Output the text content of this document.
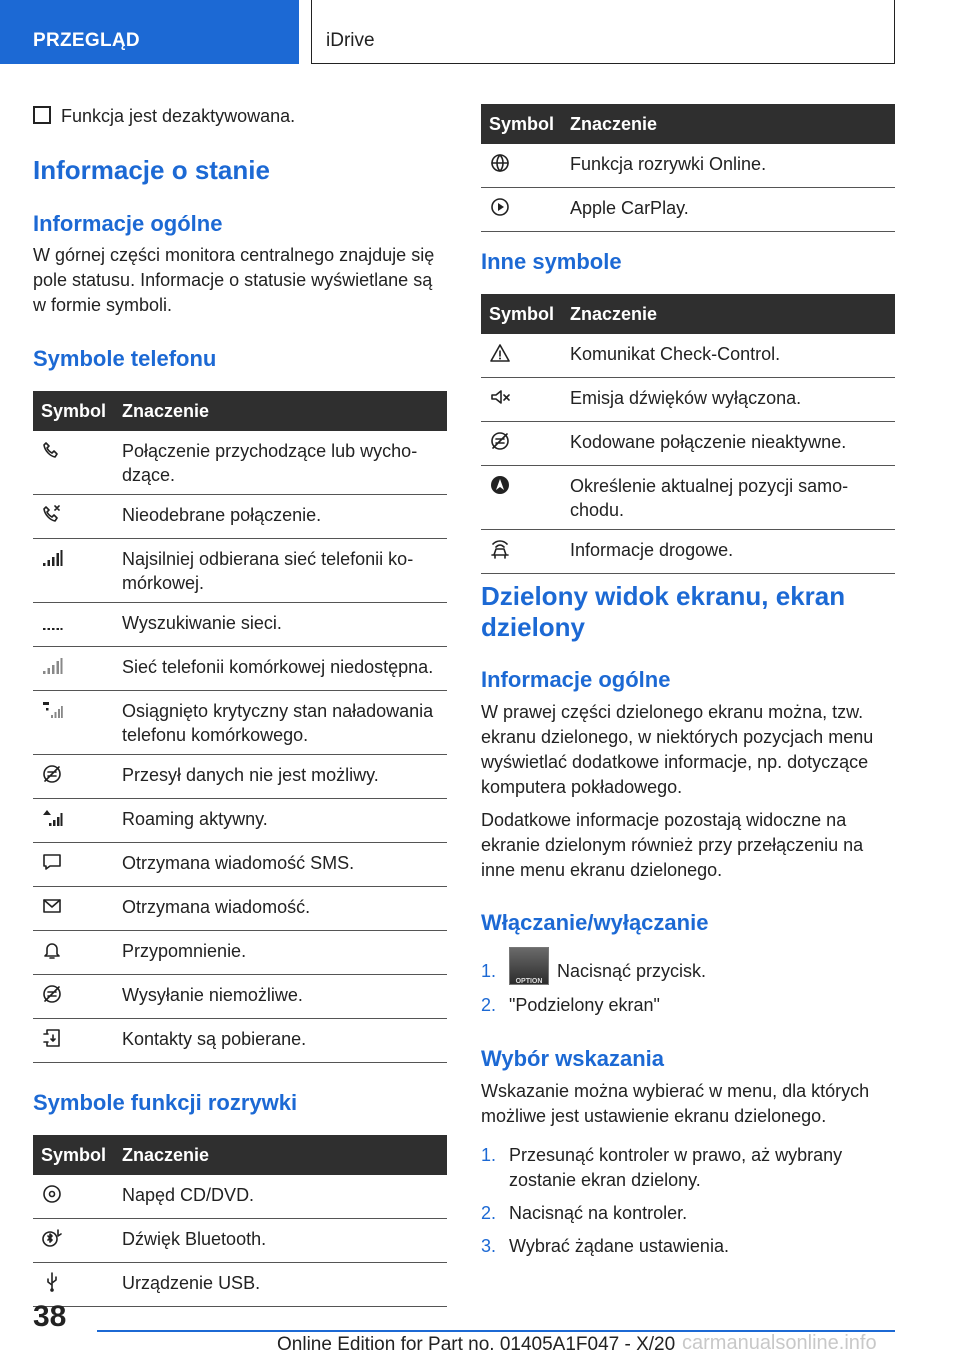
PRZEGLĄD	iDrive
Funkcja jest dezaktywowana.
Informacje o stanie
Informacje ogólne
W górnej części monitora centralnego znajduje się pole statusu. Informacje o statusie wyświetlane są w formie symboli.
Symbole telefonu
Symbol	Znaczenie

	Połączenie przychodzące lub wychodzące.

	Nieodebrane połączenie.

	Najsilniej odbierana sieć telefonii komórkowej.

	Wyszukiwanie sieci.

	Sieć telefonii komórkowej niedostępna.

	Osiągnięto krytyczny stan naładowania telefonu komórkowego.

	Przesył danych nie jest możliwy.

	Roaming aktywny.

	Otrzymana wiadomość SMS.

	Otrzymana wiadomość.

	Przypomnienie.

	Wysyłanie niemożliwe.

	Kontakty są pobierane.
Symbole funkcji rozrywki
Symbol	Znaczenie

	Napęd CD/DVD.

	Dźwięk Bluetooth.

	Urządzenie USB.
Symbol	Znaczenie

	Funkcja rozrywki Online.

	Apple CarPlay.
Inne symbole
Symbol	Znaczenie

	Komunikat Check-Control.

	Emisja dźwięków wyłączona.

	Kodowane połączenie nieaktywne.

	Określenie aktualnej pozycji samochodu.

	Informacje drogowe.
Dzielony widok ekranu, ekran dzielony
Informacje ogólne
W prawej części dzielonego ekranu można, tzw. ekranu dzielonego, w niektórych pozycjach menu wyświetlać dodatkowe informacje, np. dotyczące komputera pokładowego.
Dodatkowe informacje pozostają widoczne na ekranie dzielonym również przy przełączeniu na inne menu ekranu dzielonego.
Włączanie/wyłączanie
1.
OPTION
Nacisnąć przycisk.
2. "Podzielony ekran"
Wybór wskazania
Wskazanie można wybierać w menu, dla których możliwe jest ustawienie ekranu dzielonego.
1. Przesunąć kontroler w prawo, aż wybrany zostanie ekran dzielony.
2. Nacisnąć na kontroler.
3. Wybrać żądane ustawienia.
38
Online Edition for Part no. 01405A1F047 - X/20 carmanualsonline.info
